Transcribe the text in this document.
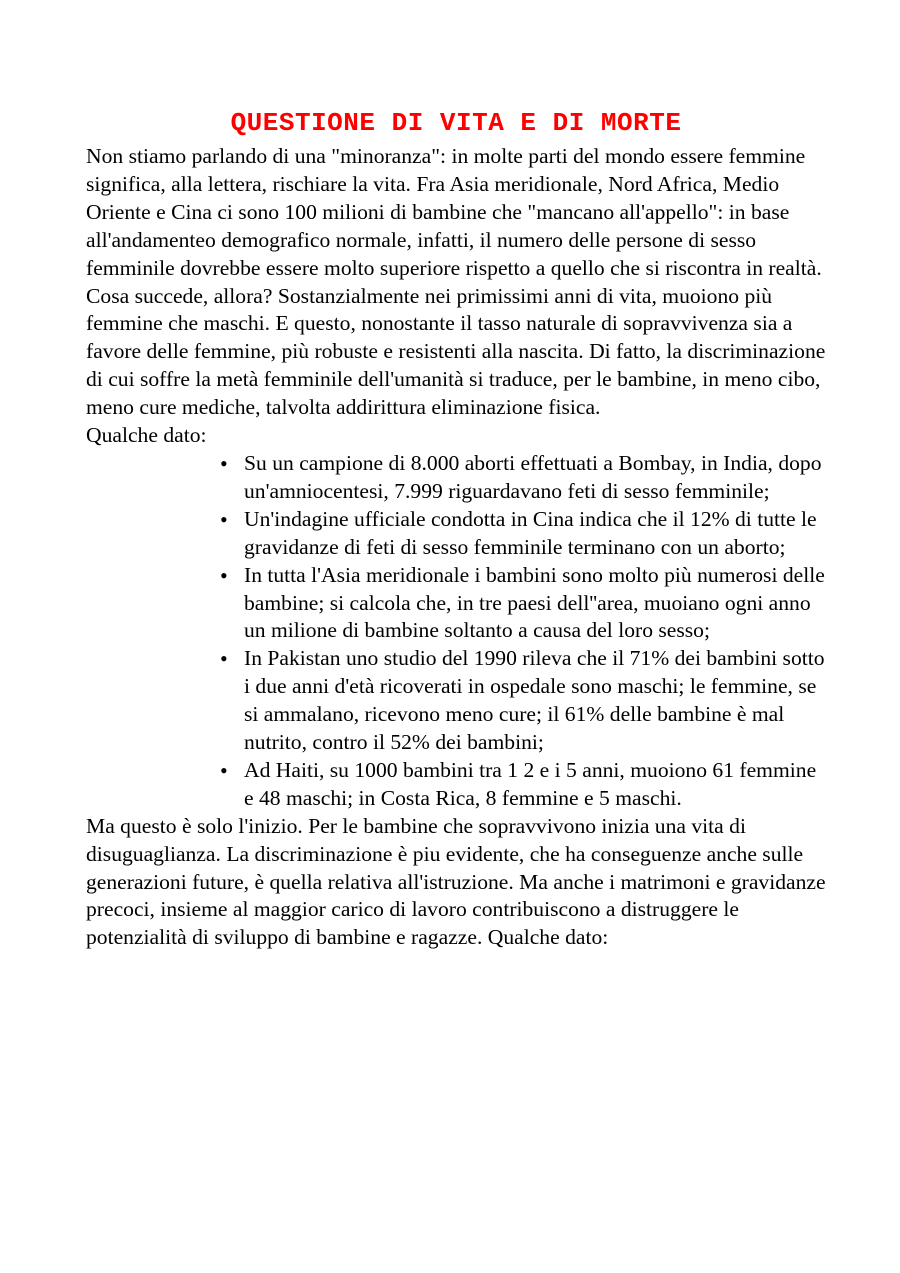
QUESTIONE DI VITA E DI MORTE

Non stiamo parlando di una "minoranza": in molte parti del mondo essere femmine significa, alla lettera, rischiare la vita. Fra Asia meridionale, Nord Africa, Medio Oriente e Cina ci sono 100 milioni di bambine che "mancano all'appello": in base all'andamenteo demografico normale, infatti, il numero delle persone di sesso femminile dovrebbe essere molto superiore rispetto a quello che si riscontra in realtà. Cosa succede, allora? Sostanzialmente nei primissimi anni di vita, muoiono più femmine che maschi. E questo, nonostante il tasso naturale di sopravvivenza sia a favore delle femmine, più robuste e resistenti alla nascita. Di fatto, la discriminazione di cui soffre la metà femminile dell'umanità si traduce, per le bambine, in meno cibo, meno cure mediche, talvolta addirittura eliminazione fisica.

Qualche dato:

• Su un campione di 8.000 aborti effettuati a Bombay, in India, dopo un'amniocentesi, 7.999 riguardavano feti di sesso femminile;
• Un'indagine ufficiale condotta in Cina indica che il 12% di tutte le gravidanze di feti di sesso femminile terminano con un aborto;
• In tutta l'Asia meridionale i bambini sono molto più numerosi delle bambine; si calcola che, in tre paesi dell''area, muoiano ogni anno un milione di bambine soltanto a causa del loro sesso;
• In Pakistan uno studio del 1990 rileva che il 71% dei bambini sotto i due anni d'età ricoverati in ospedale sono maschi; le femmine, se si ammalano, ricevono meno cure; il 61% delle bambine è mal nutrito, contro il 52% dei bambini;
• Ad Haiti, su 1000 bambini tra 1 2 e i 5 anni, muoiono 61 femmine e 48 maschi; in Costa Rica, 8 femmine e 5 maschi.

Ma questo è solo l'inizio. Per le bambine che sopravvivono inizia una vita di disuguaglianza. La discriminazione è piu evidente, che ha conseguenze anche sulle generazioni future, è quella relativa all'istruzione. Ma anche i matrimoni e gravidanze precoci, insieme al maggior carico di lavoro contribuiscono a distruggere le potenzialità di sviluppo di bambine e ragazze. Qualche dato:
